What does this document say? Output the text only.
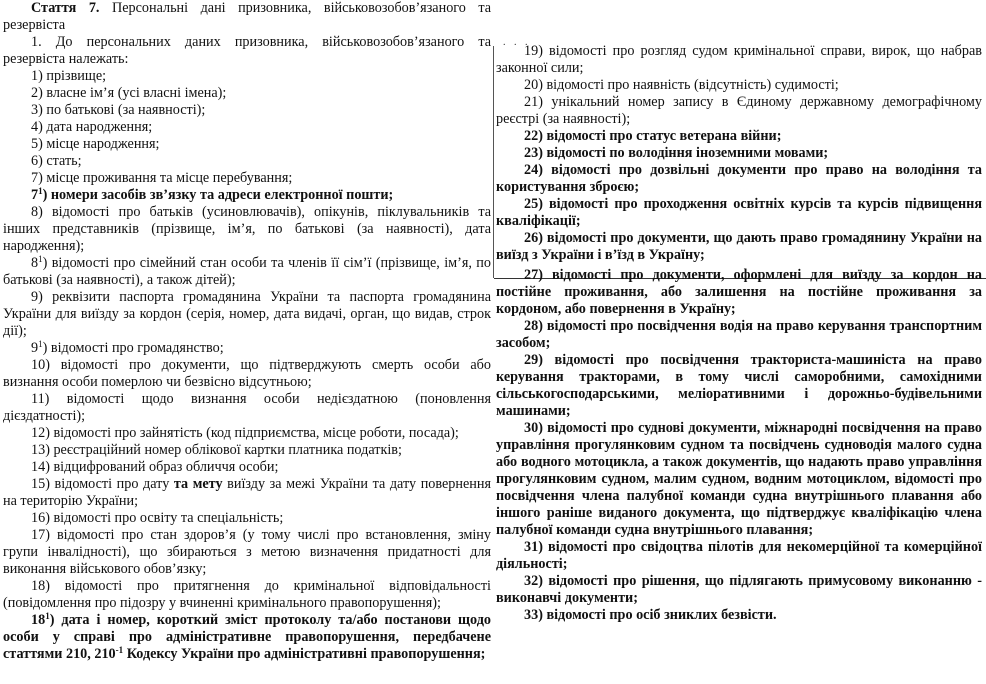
Стаття 7. Персональні дані призовника, військовозобов’язаного та резервіста

1. До персональних даних призовника, військовозобов’язаного та резервіста належать:

1) прізвище;

2) власне ім’я (усі власні імена);

3) по батькові (за наявності);

4) дата народження;

5) місце народження;

6) стать;

7) місце проживання та місце перебування;

$7^1$) номери засобів зв’язку та адреси електронної пошти;

8) відомості про батьків (усиновлювачів), опікунів, піклувальників та інших представників (прізвище, ім’я, по батькові (за наявності), дата народження);

$8^1$) відомості про сімейний стан особи та членів її сім’ї (прізвище, ім’я, по батькові (за наявності), а також дітей);

9) реквізити паспорта громадянина України та паспорта громадянина України для виїзду за кордон (серія, номер, дата видачі, орган, що видав, строк дії);

$9^1$) відомості про громадянство;

10) відомості про документи, що підтверджують смерть особи або визнання особи померлою чи безвісно відсутньою;

11) відомості щодо визнання особи недієздатною (поновлення дієздатності);

12) відомості про зайнятість (код підприємства, місце роботи, посада);

13) реєстраційний номер облікової картки платника податків;

14) відцифрований образ обличчя особи;

15) відомості про дату та мету виїзду за межі України та дату повернення на територію України;

16) відомості про освіту та спеціальність;

17) відомості про стан здоров’я (у тому числі про встановлення, зміну групи інвалідності), що збираються з метою визначення придатності для виконання військового обов’язку;

18) відомості про притягнення до кримінальної відповідальності (повідомлення про підозру у вчиненні кримінального правопорушення);

$18^1$) дата і номер, короткий зміст протоколу та/або постанови щодо особи у справі про адміністративне правопорушення, передбачене статтями 210, $210^{-1}$ Кодексу України про адміністративні правопорушення;

. . .

19) відомості про розгляд судом кримінальної справи, вирок, що набрав законної сили;

20) відомості про наявність (відсутність) судимості;

21) унікальний номер запису в Єдиному державному демографічному реєстрі (за наявності);

22) відомості про статус ветерана війни;

23) відомості по володіння іноземними мовами;

24) відомості про дозвільні документи про право на володіння та користування зброєю;

25) відомості про проходження освітніх курсів та курсів підвищення кваліфікації;

26) відомості про документи, що дають право громадянину України на виїзд з України і в’їзд в Україну;

27) відомості про документи, оформлені для виїзду за кордон на постійне проживання, або залишення на постійне проживання за кордоном, або повернення в Україну;

28) відомості про посвідчення водія на право керування транспортним засобом;

29) відомості про посвідчення тракториста-машиніста на право керування тракторами, в тому числі саморобними, самохідними сільськогосподарськими, меліоративними і дорожньо-будівельними машинами;

30) відомості про суднові документи, міжнародні посвідчення на право управління прогулянковим судном та посвідчень судноводія малого судна або водного мотоцикла, а також документів, що надають право управління прогулянковим судном, малим судном, водним мотоциклом, відомості про посвідчення члена палубної команди судна внутрішнього плавання або іншого раніше виданого документа, що підтверджує кваліфікацію члена палубної команди судна внутрішнього плавання;

31) відомості про свідоцтва пілотів для некомерційної та комерційної діяльності;

32) відомості про рішення, що підлягають примусовому виконанню - виконавчі документи;

33) відомості про осіб зниклих безвісти.
